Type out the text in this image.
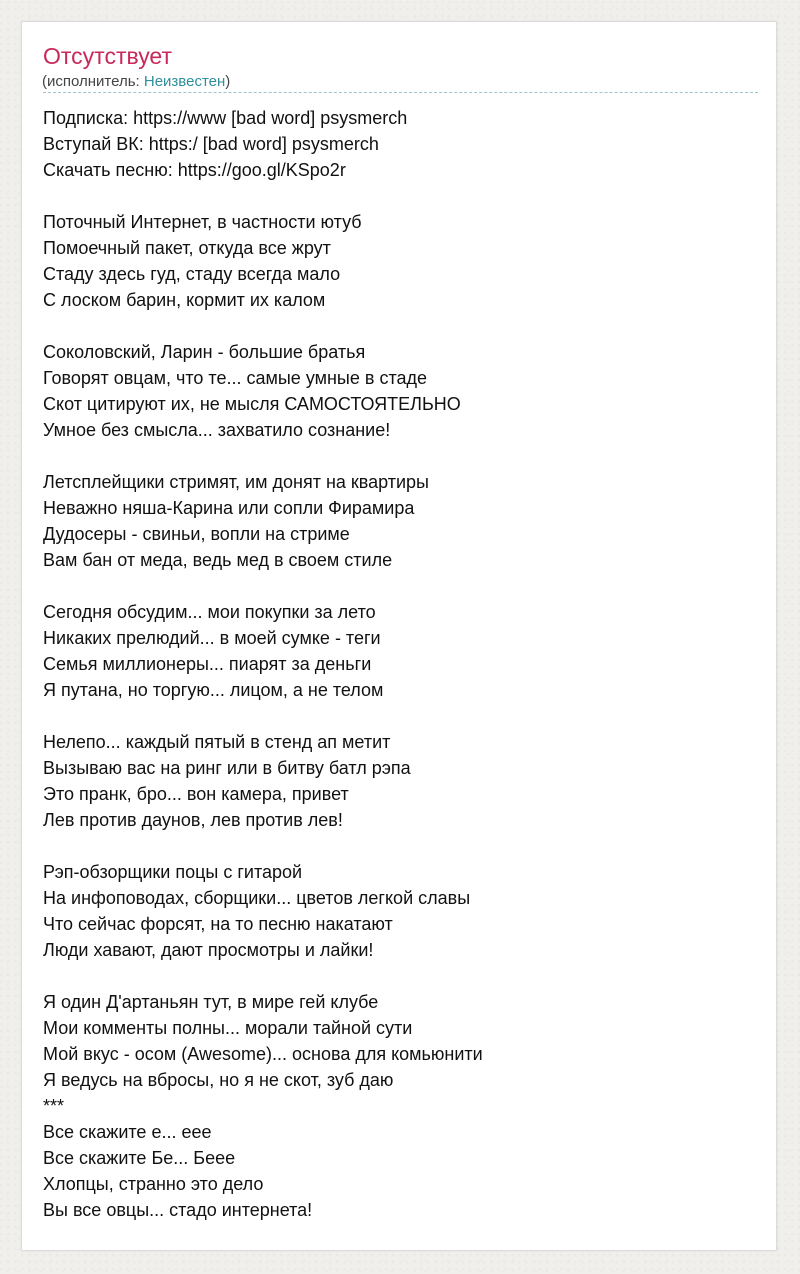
Отсутствует
(исполнитель: Неизвестен)
Подписка: https://www [bad word] psysmerch
Вступай ВК: https:/ [bad word] psysmerch
Скачать песню: https://goo.gl/KSpo2r
Поточный Интернет, в частности ютуб
Помоечный пакет, откуда все жрут
Стаду здесь гуд, стаду всегда мало
С лоском барин, кормит их калом
Соколовский, Ларин - большие братья
Говорят овцам, что те... самые умные в стаде
Скот цитируют их, не мысля САМОСТОЯТЕЛЬНО
Умное без смысла... захватило сознание!
Летсплейщики стримят, им донят на квартиры
Неважно няша-Карина или сопли Фирамира
Дудосеры - свиньи, вопли на стриме
Вам бан от меда, ведь мед в своем стиле
Сегодня обсудим... мои покупки за лето
Никаких прелюдий... в моей сумке - теги
Семья миллионеры... пиарят за деньги
Я путана, но торгую... лицом, а не телом
Нелепо... каждый пятый в стенд ап метит
Вызываю вас на ринг или в битву батл рэпа
Это пранк, бро... вон камера, привет
Лев против даунов, лев против лев!
Рэп-обзорщики поцы с гитарой
На инфоповодах, сборщики... цветов легкой славы
Что сейчас форсят, на то песню накатают
Люди хавают, дают просмотры и лайки!
Я один Д'артаньян тут, в мире гей клубе
Мои комменты полны... морали тайной сути
Мой вкус - осом (Awesome)... основа для комьюнити
Я ведусь на вбросы, но я не скот, зуб даю
***
Все скажите е... еее
Все скажите Бе... Беее
Хлопцы, странно это дело
Вы все овцы... стадо интернета!
